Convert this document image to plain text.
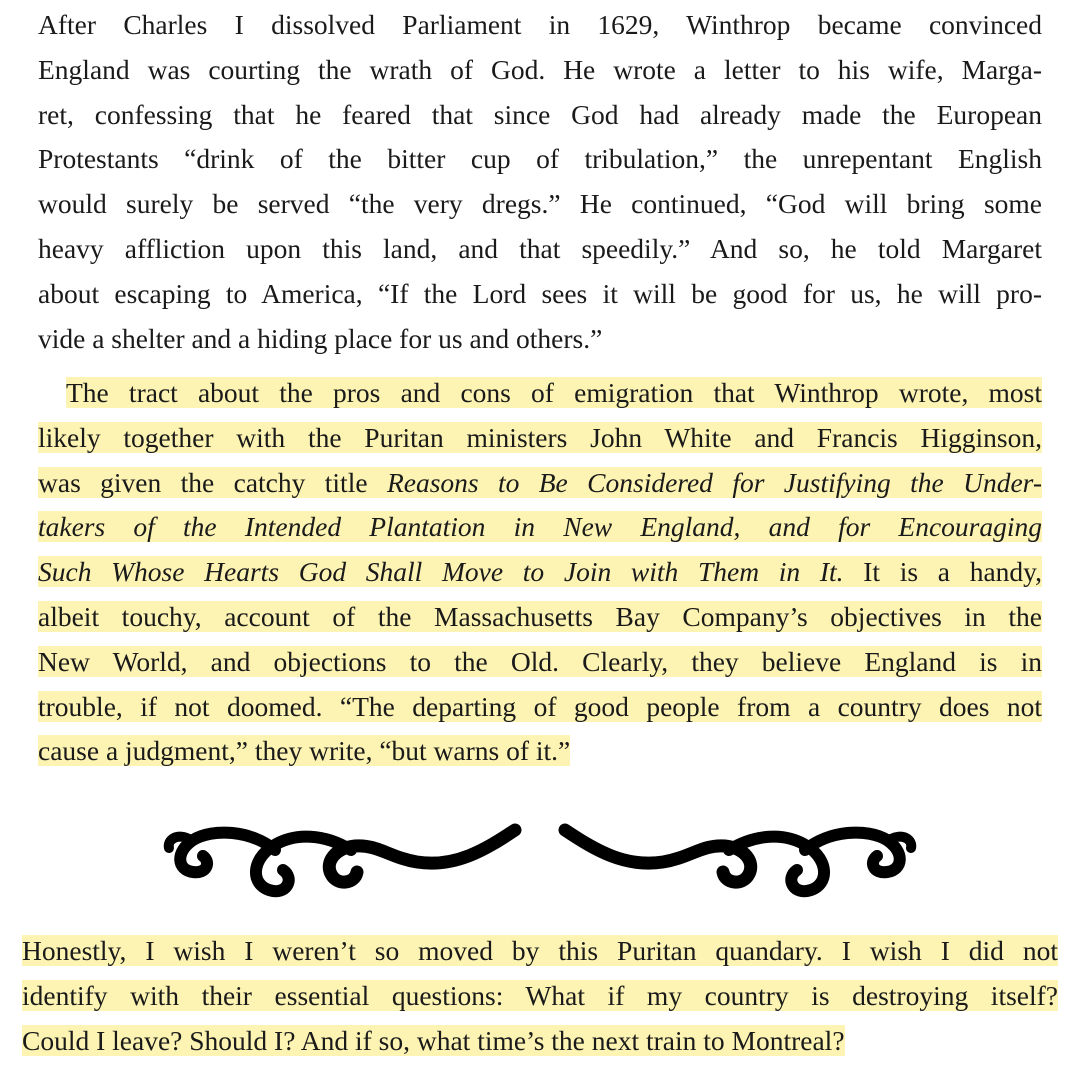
After Charles I dissolved Parliament in 1629, Winthrop became convinced
England was courting the wrath of God. He wrote a letter to his wife, Marga-
ret, confessing that he feared that since God had already made the European
Protestants “drink of the bitter cup of tribulation,” the unrepentant English
would surely be served “the very dregs.” He continued, “God will bring some
heavy affliction upon this land, and that speedily.” And so, he told Margaret
about escaping to America, “If the Lord sees it will be good for us, he will pro-
vide a shelter and a hiding place for us and others.”
The tract about the pros and cons of emigration that Winthrop wrote, most
likely together with the Puritan ministers John White and Francis Higginson,
was given the catchy title Reasons to Be Considered for Justifying the Under-
takers of the Intended Plantation in New England, and for Encouraging
Such Whose Hearts God Shall Move to Join with Them in It. It is a handy,
albeit touchy, account of the Massachusetts Bay Company’s objectives in the
New World, and objections to the Old. Clearly, they believe England is in
trouble, if not doomed. “The departing of good people from a country does not
cause a judgment,” they write, “but warns of it.”
Honestly, I wish I weren’t so moved by this Puritan quandary. I wish I did not
identify with their essential questions: What if my country is destroying itself?
Could I leave? Should I? And if so, what time’s the next train to Montreal?
